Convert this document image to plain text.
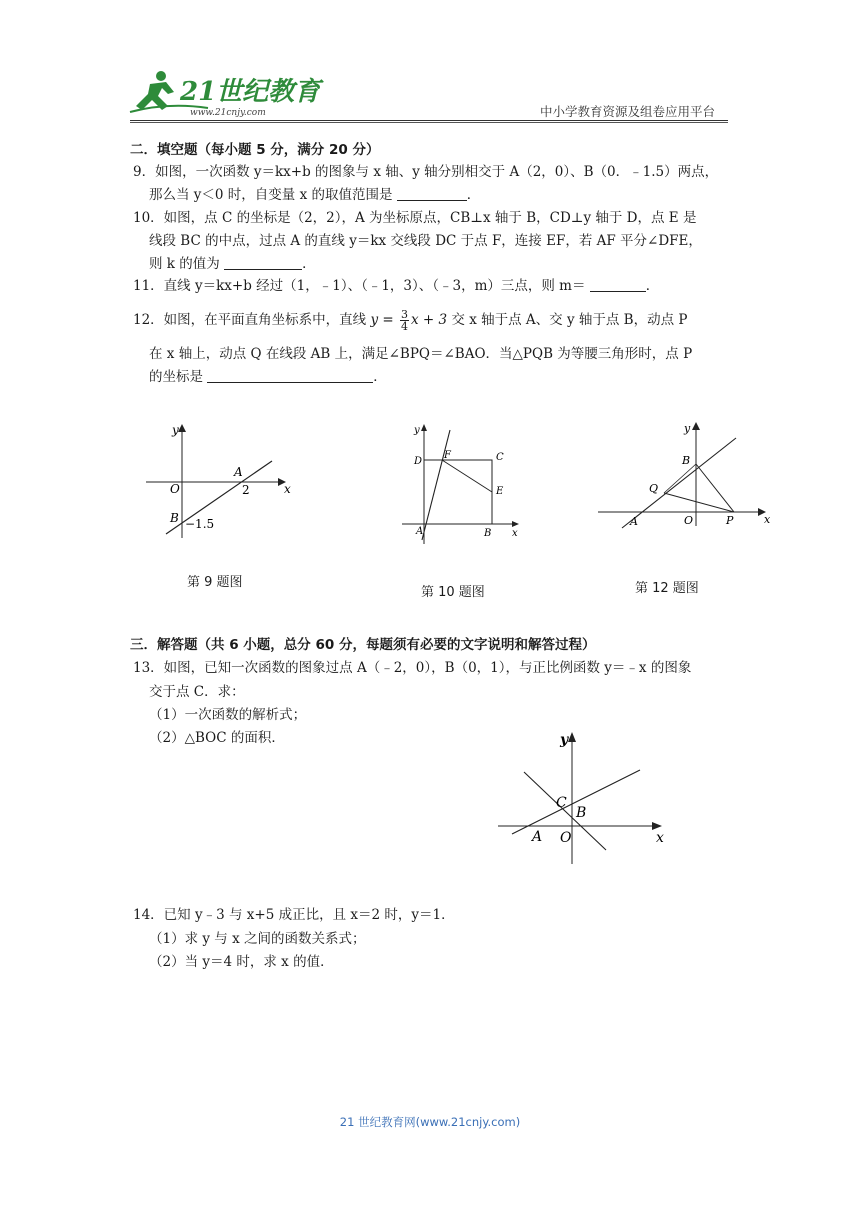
21世纪教育
www.21cnjy.com	中小学教育资源及组卷应用平台
二．填空题（每小题 5 分，满分 20 分）
9．如图，一次函数 y＝kx+b 的图象与 x 轴、y 轴分别相交于 A（2，0）、B（0．﹣1.5）两点，
那么当 y＜0 时，自变量 x 的取值范围是	．
10．如图，点 C 的坐标是（2，2），A 为坐标原点，CB⊥x 轴于 B，CD⊥y 轴于 D，点 E 是
线段 BC 的中点，过点 A 的直线 y＝kx 交线段 DC 于点 F，连接 EF，若 AF 平分∠DFE，
则 k 的值为	．
11．直线 y＝kx+b 经过（1，﹣1）、（﹣1，3）、（﹣3，m）三点，则 m＝	．
12．如图，在平面直角坐标系中，直线 $y = \frac{3}{4}$ x + 3 交 x 轴于点 A、交 y 轴于点 B，动点 P
在 x 轴上，动点 Q 在线段 AB 上，满足∠BPQ＝∠BAO．当△PQB 为等腰三角形时，点 P
的坐标是	．
y
x
O
A
2
B −1.5
y
x
D
F	C
E
A	B
y
x
B
Q
A	O	P
第 9 题图
第 10 题图	第 12 题图
三．解答题（共 6 小题，总分 60 分，每题须有必要的文字说明和解答过程）
13．如图，已知一次函数的图象过点 A（﹣2，0），B（0，1），与正比例函数 y＝﹣x 的图象
交于点 C．求：
（1）一次函数的解析式；
（2）△BOC 的面积．	y
x
C
B
A O
14．已知 y﹣3 与 x+5 成正比，且 x＝2 时，y＝1．
（1）求 y 与 x 之间的函数关系式；
（2）当 y＝4 时，求 x 的值．
21 世纪教育网(www.21cnjy.com)
